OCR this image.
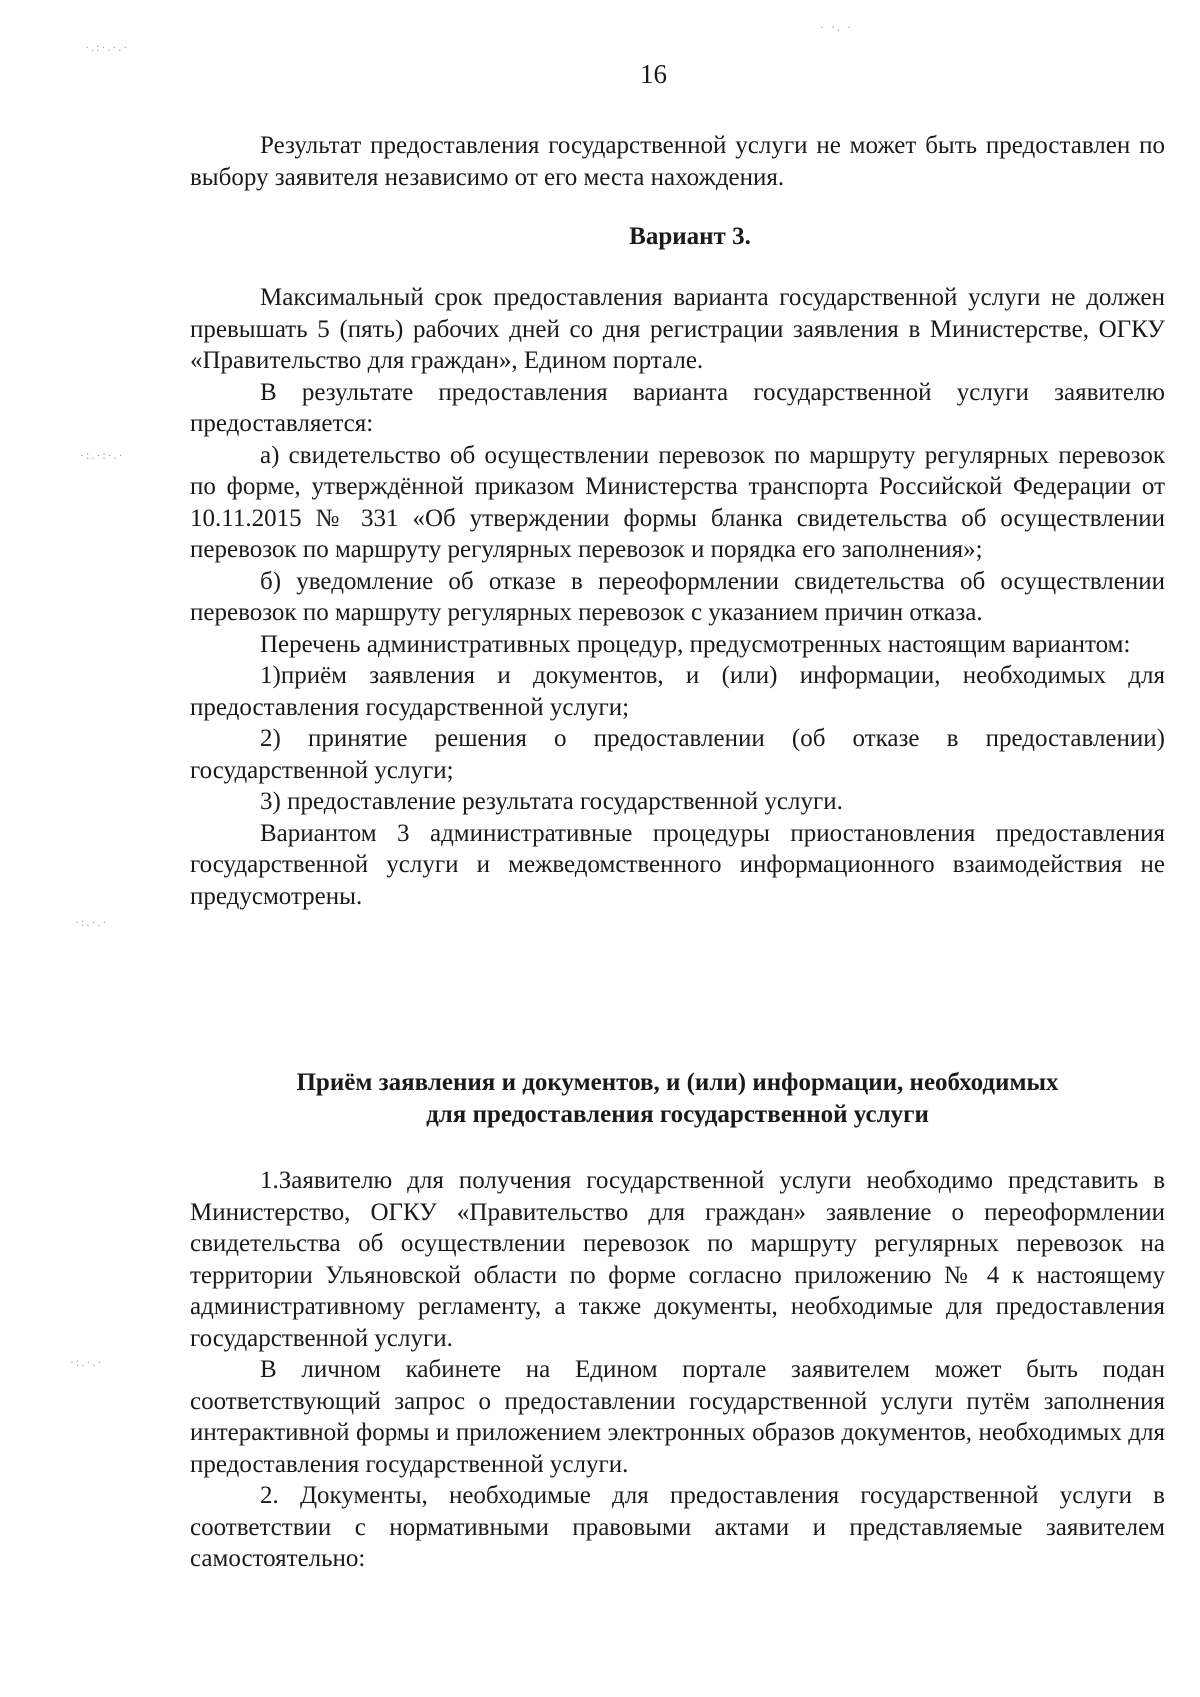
·.:·.·.·
· ·. ·
·:.·:·.·
·:.·.·
·:.·.·
16

Результат предоставления государственной услуги не может быть предоставлен по выбору заявителя независимо от его места нахождения.

Вариант 3.

Максимальный срок предоставления варианта государственной услуги не должен превышать 5 (пять) рабочих дней со дня регистрации заявления в Министерстве, ОГКУ «Правительство для граждан», Едином портале.

В результате предоставления варианта государственной услуги заявителю предоставляется:

а) свидетельство об осуществлении перевозок по маршруту регулярных перевозок по форме, утверждённой приказом Министерства транспорта Российской Федерации от 10.11.2015 № 331 «Об утверждении формы бланка свидетельства об осуществлении перевозок по маршруту регулярных перевозок и порядка его заполнения»;

б) уведомление об отказе в переоформлении свидетельства об осуществлении перевозок по маршруту регулярных перевозок с указанием причин отказа.

Перечень административных процедур, предусмотренных настоящим вариантом:

1)приём заявления и документов, и (или) информации, необходимых для предоставления государственной услуги;

2) принятие решения о предоставлении (об отказе в предоставлении) государственной услуги;

3) предоставление результата государственной услуги.

Вариантом 3 административные процедуры приостановления предоставления государственной услуги и межведомственного информационного взаимодействия не предусмотрены.

Приём заявления и документов, и (или) информации, необходимых
для предоставления государственной услуги

1.Заявителю для получения государственной услуги необходимо представить в Министерство, ОГКУ «Правительство для граждан» заявление о переоформлении свидетельства об осуществлении перевозок по маршруту регулярных перевозок на территории Ульяновской области по форме согласно приложению № 4 к настоящему административному регламенту, а также документы, необходимые для предоставления государственной услуги.

В личном кабинете на Едином портале заявителем может быть подан соответствующий запрос о предоставлении государственной услуги путём заполнения интерактивной формы и приложением электронных образов документов, необходимых для предоставления государственной услуги.

2. Документы, необходимые для предоставления государственной услуги в соответствии с нормативными правовыми актами и представляемые заявителем самостоятельно:
